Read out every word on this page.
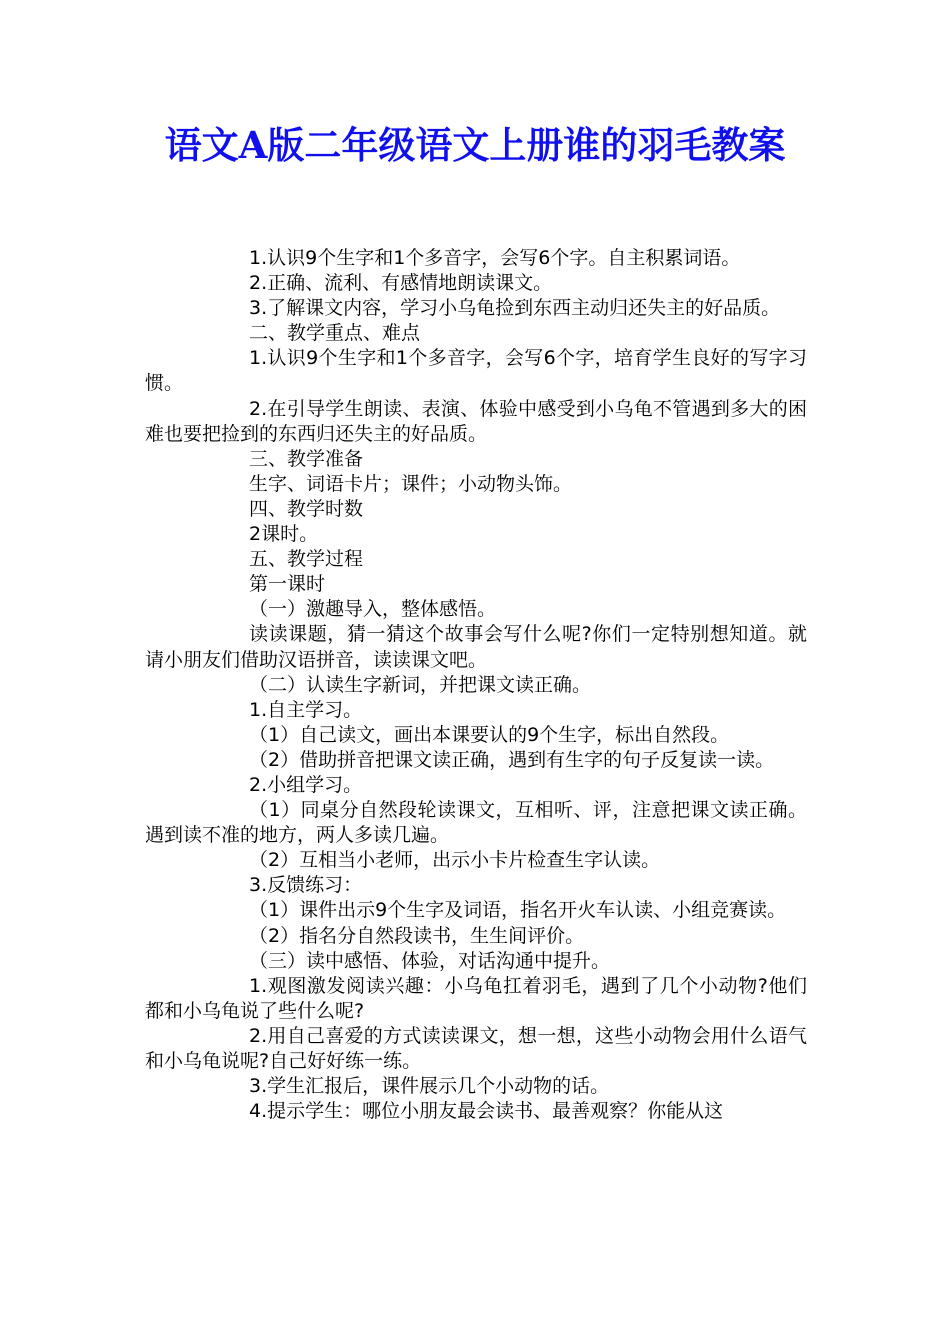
语文A版二年级语文上册谁的羽毛教案

1.认识9个生字和1个多音字，会写6个字。自主积累词语。

2.正确、流利、有感情地朗读课文。

3.了解课文内容，学习小乌龟捡到东西主动归还失主的好品质。

二、教学重点、难点

1.认识9个生字和1个多音字，会写6个字，培育学生良好的写字习惯。

2.在引导学生朗读、表演、体验中感受到小乌龟不管遇到多大的困难也要把捡到的东西归还失主的好品质。

三、教学准备

生字、词语卡片；课件；小动物头饰。

四、教学时数

2课时。

五、教学过程

第一课时

（一）激趣导入，整体感悟。

读读课题，猜一猜这个故事会写什么呢?你们一定特别想知道。就请小朋友们借助汉语拼音，读读课文吧。

（二）认读生字新词，并把课文读正确。

1.自主学习。

（1）自己读文，画出本课要认的9个生字，标出自然段。

（2）借助拼音把课文读正确，遇到有生字的句子反复读一读。

2.小组学习。

（1）同桌分自然段轮读课文，互相听、评，注意把课文读正确。遇到读不准的地方，两人多读几遍。

（2）互相当小老师，出示小卡片检查生字认读。

3.反馈练习：

（1）课件出示9个生字及词语，指名开火车认读、小组竞赛读。

（2）指名分自然段读书，生生间评价。

（三）读中感悟、体验，对话沟通中提升。

1.观图激发阅读兴趣：小乌龟扛着羽毛，遇到了几个小动物?他们都和小乌龟说了些什么呢?

2.用自己喜爱的方式读读课文，想一想，这些小动物会用什么语气和小乌龟说呢?自己好好练一练。

3.学生汇报后，课件展示几个小动物的话。

4.提示学生：哪位小朋友最会读书、最善观察？你能从这
